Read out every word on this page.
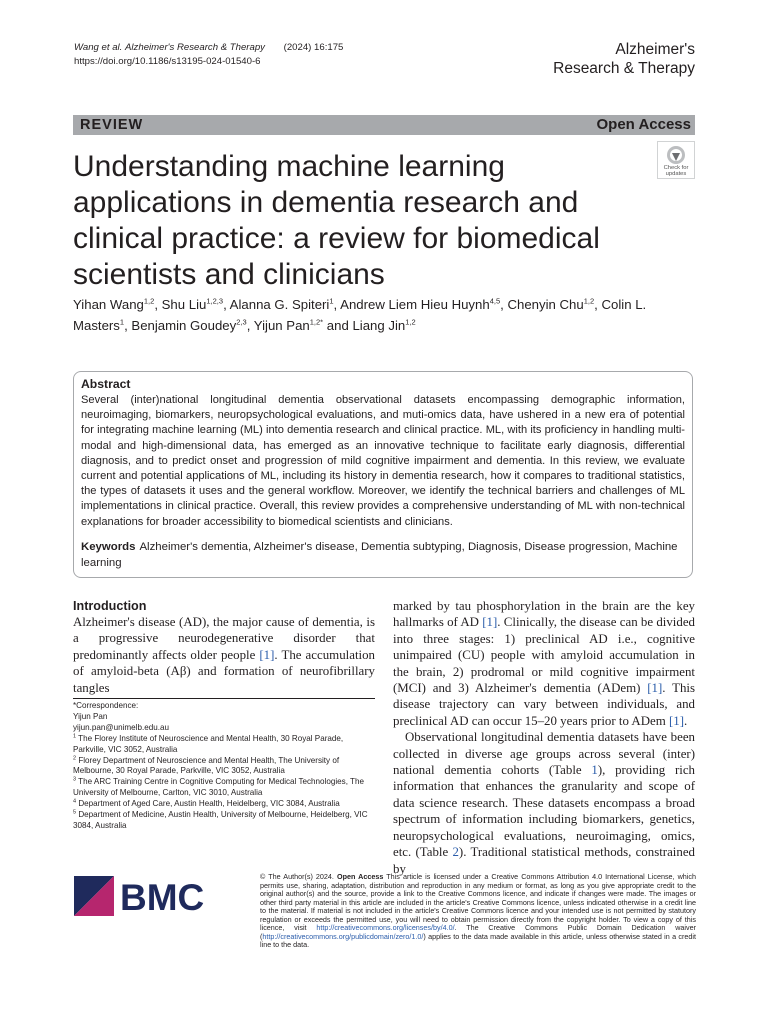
Wang et al. Alzheimer's Research & Therapy (2024) 16:175
https://doi.org/10.1186/s13195-024-01540-6
Alzheimer's
Research & Therapy
REVIEW	Open Access
Check for
updates
Understanding machine learning applications in dementia research and clinical practice: a review for biomedical scientists and clinicians
Yihan Wang$^{1,2}$, Shu Liu$^{1,2,3}$, Alanna G. Spiteri$^1$, Andrew Liem Hieu Huynh$^{4,5}$, Chenyin Chu$^{1,2}$, Colin L. Masters$^1$, Benjamin Goudey$^{2,3}$, Yijun Pan$^{1,2*}$ and Liang Jin$^{1,2}$
Abstract
Several (inter)national longitudinal dementia observational datasets encompassing demographic information, neuroimaging, biomarkers, neuropsychological evaluations, and muti-omics data, have ushered in a new era of potential for integrating machine learning (ML) into dementia research and clinical practice. ML, with its proficiency in handling multi-modal and high-dimensional data, has emerged as an innovative technique to facilitate early diagnosis, differential diagnosis, and to predict onset and progression of mild cognitive impairment and dementia. In this review, we evaluate current and potential applications of ML, including its history in dementia research, how it compares to traditional statistics, the types of datasets it uses and the general workflow. Moreover, we identify the technical barriers and challenges of ML implementations in clinical practice. Overall, this review provides a comprehensive understanding of ML with non-technical explanations for broader accessibility to biomedical scientists and clinicians.
Keywords Alzheimer's dementia, Alzheimer's disease, Dementia subtyping, Diagnosis, Disease progression, Machine learning
Introduction
Alzheimer's disease (AD), the major cause of dementia, is a progressive neurodegenerative disorder that predominantly affects older people [1]. The accumulation of amyloid-beta (Aβ) and formation of neurofibrillary tangles

marked by tau phosphorylation in the brain are the key hallmarks of AD [1]. Clinically, the disease can be divided into three stages: 1) preclinical AD i.e., cognitive unimpaired (CU) people with amyloid accumulation in the brain, 2) prodromal or mild cognitive impairment (MCI) and 3) Alzheimer's dementia (ADem) [1]. This disease trajectory can vary between individuals, and preclinical AD can occur 15–20 years prior to ADem [1].

Observational longitudinal dementia datasets have been collected in diverse age groups across several (inter) national dementia cohorts (Table 1), providing rich information that enhances the granularity and scope of data science research. These datasets encompass a broad spectrum of information including biomarkers, genetics, neuropsychological evaluations, neuroimaging, omics, etc. (Table 2). Traditional statistical methods, constrained by

*Correspondence:
Yijun Pan
yijun.pan@unimelb.edu.au
$^1$ The Florey Institute of Neuroscience and Mental Health, 30 Royal Parade, Parkville, VIC 3052, Australia
$^2$ Florey Department of Neuroscience and Mental Health, The University of Melbourne, 30 Royal Parade, Parkville, VIC 3052, Australia
$^3$ The ARC Training Centre in Cognitive Computing for Medical Technologies, The University of Melbourne, Carlton, VIC 3010, Australia
$^4$ Department of Aged Care, Austin Health, Heidelberg, VIC 3084, Australia
$^5$ Department of Medicine, Austin Health, University of Melbourne, Heidelberg, VIC 3084, Australia
BMC
© The Author(s) 2024. Open Access This article is licensed under a Creative Commons Attribution 4.0 International License, which permits use, sharing, adaptation, distribution and reproduction in any medium or format, as long as you give appropriate credit to the original author(s) and the source, provide a link to the Creative Commons licence, and indicate if changes were made. The images or other third party material in this article are included in the article's Creative Commons licence, unless indicated otherwise in a credit line to the material. If material is not included in the article's Creative Commons licence and your intended use is not permitted by statutory regulation or exceeds the permitted use, you will need to obtain permission directly from the copyright holder. To view a copy of this licence, visit http://creativecommons.org/licenses/by/4.0/. The Creative Commons Public Domain Dedication waiver (http://creativecommons.org/publicdomain/zero/1.0/) applies to the data made available in this article, unless otherwise stated in a credit line to the data.
